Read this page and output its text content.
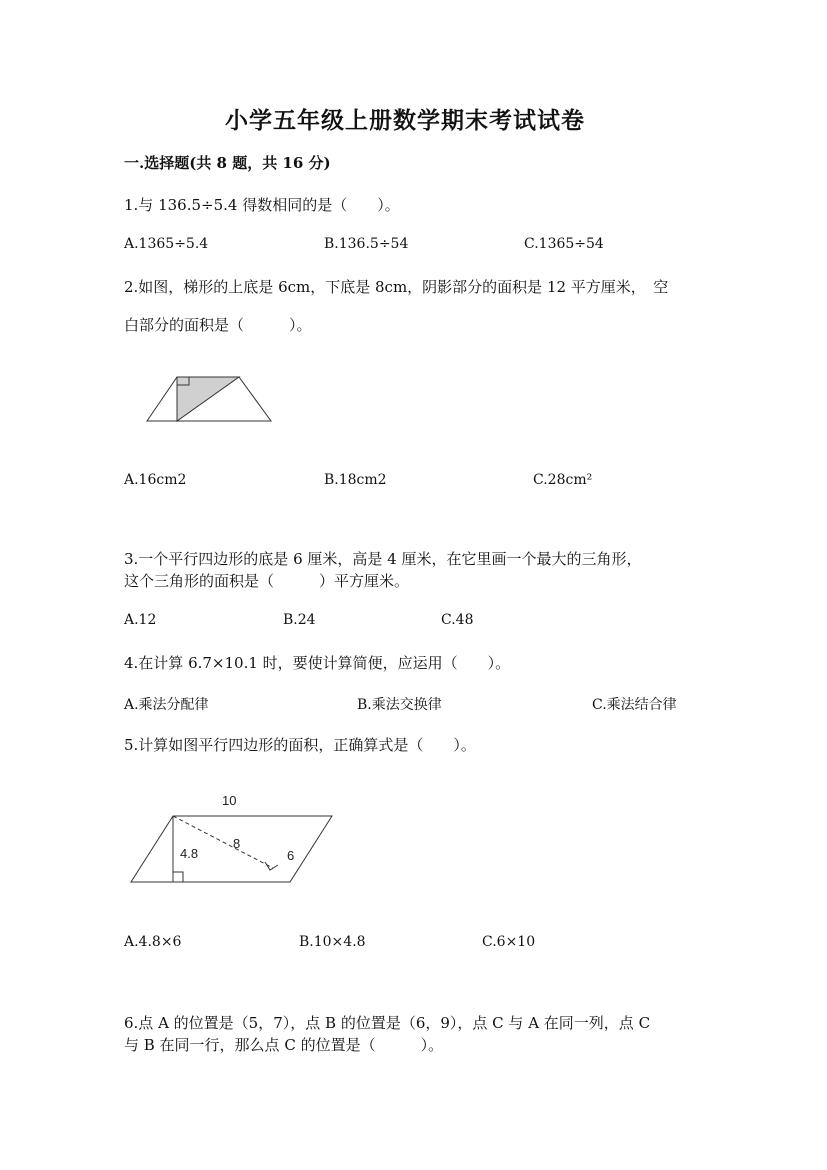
小学五年级上册数学期末考试试卷
一.选择题(共 8 题，共 16 分)
1.与 136.5÷5.4 得数相同的是（　　）。
A.1365÷5.4	B.136.5÷54	C.1365÷54
2.如图，梯形的上底是 6cm，下底是 8cm，阴影部分的面积是 12 平方厘米，　空
白部分的面积是（　　　）。
A.16cm2	B.18cm2	C.28cm²
3.一个平行四边形的底是 6 厘米，高是 4 厘米，在它里画一个最大的三角形，
这个三角形的面积是（　　　）平方厘米。
A.12	B.24	C.48
4.在计算 6.7×10.1 时，要使计算简便，应运用（　　）。
A.乘法分配律	B.乘法交换律	C.乘法结合律
5.计算如图平行四边形的面积，正确算式是（　　）。
10
8
4.8	6
A.4.8×6	B.10×4.8	C.6×10
6.点 A 的位置是（5，7），点 B 的位置是（6，9），点 C 与 A 在同一列，点 C
与 B 在同一行，那么点 C 的位置是（　　　）。
